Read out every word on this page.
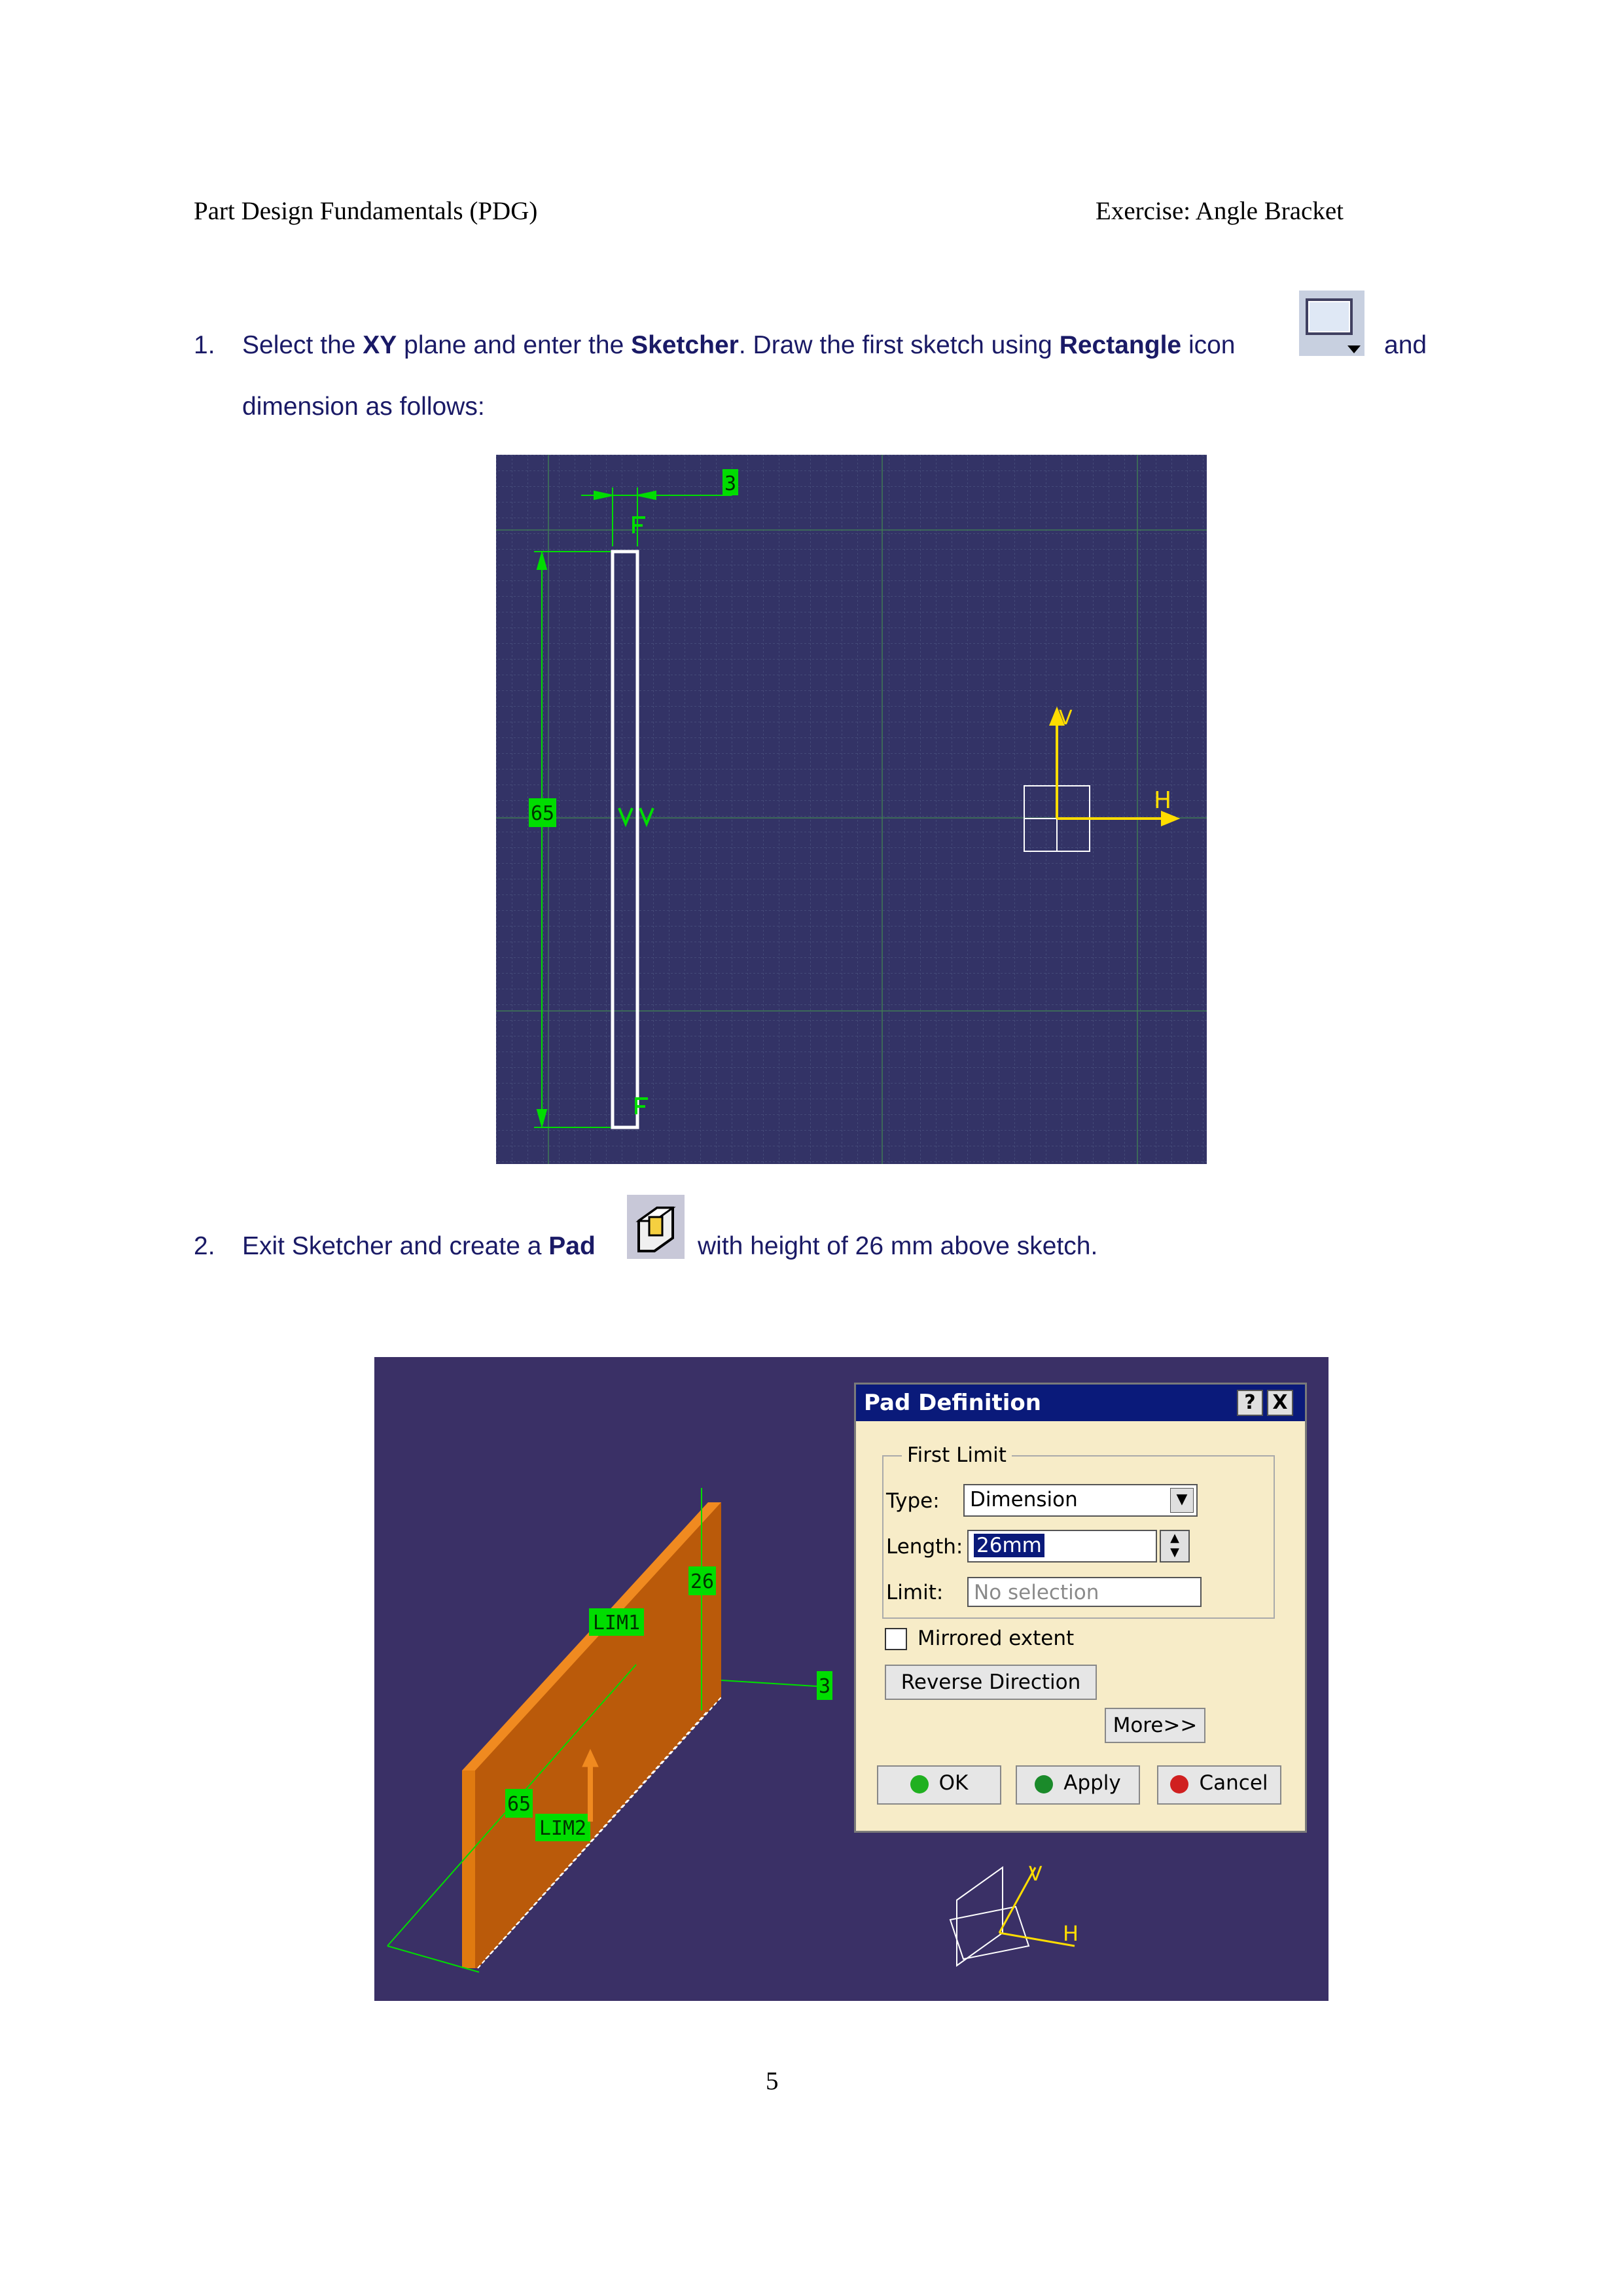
Part Design Fundamentals (PDG)	Exercise: Angle Bracket
1. Select the XY plane and enter the Sketcher. Draw the first sketch using Rectangle icon	and
dimension as follows:
3
65
V
H
2. Exit Sketcher and create a Pad	with height of 26 mm above sketch.
LIM1
LIM2
26
65
3
V
H
Pad Definition	? X
First Limit
Type:	Dimension	▼
Length: 26mm	▲
▼
Limit:	No selection
Mirrored extent
Reverse Direction
More>>
OK	Apply	Cancel
5
